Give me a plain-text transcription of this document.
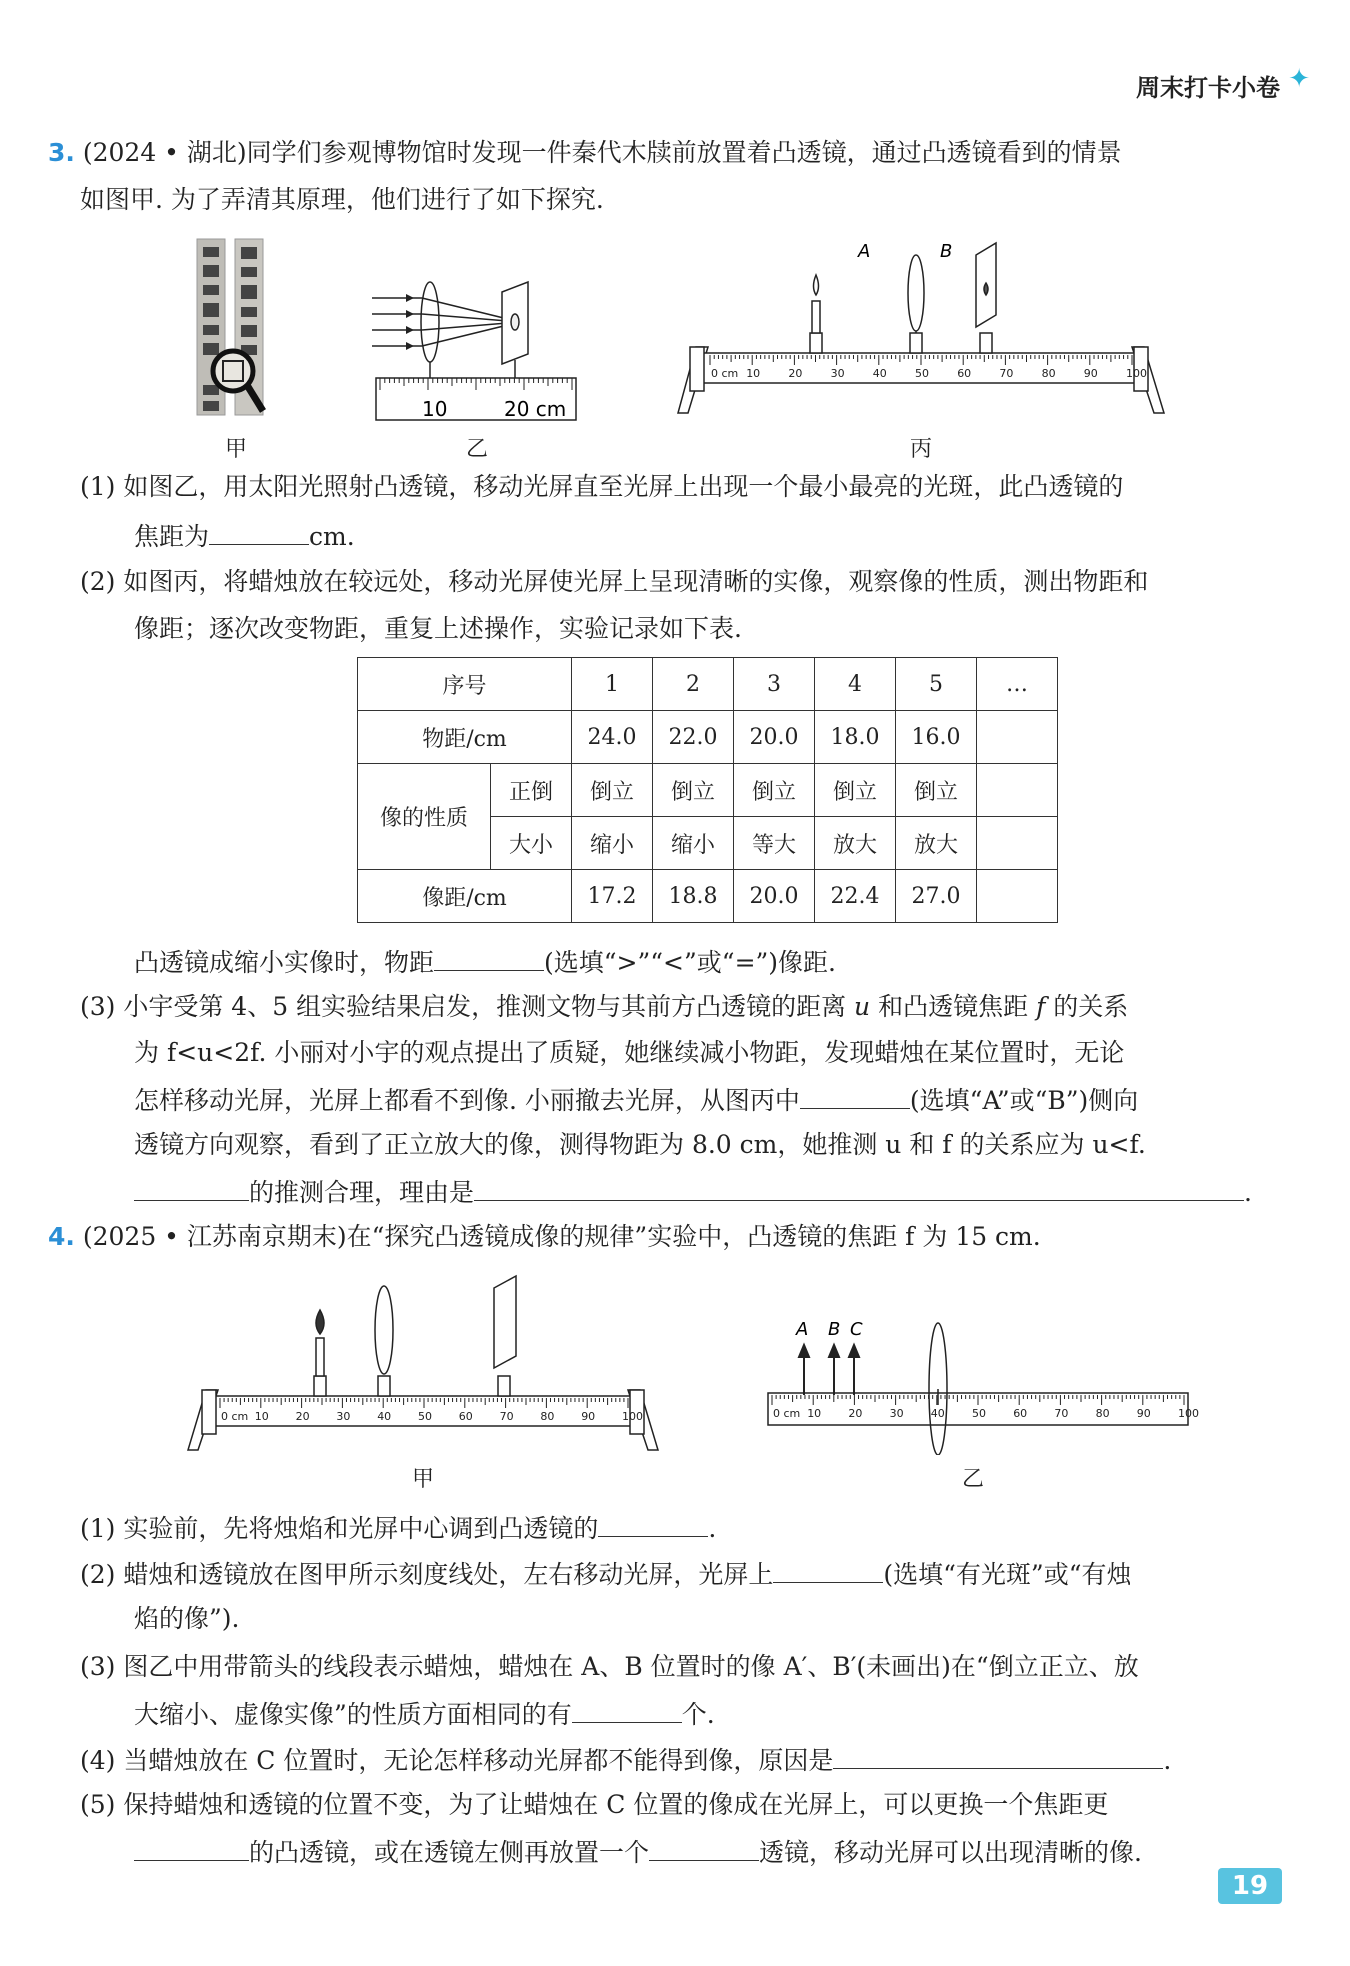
周末打卡小卷 ✦
3. (2024 • 湖北)同学们参观博物馆时发现一件秦代木牍前放置着凸透镜，通过凸透镜看到的情景
如图甲. 为了弄清其原理，他们进行了如下探究.
甲
10	20 cm
乙
0 cm 10	20	30	40	50	60	70	80	90	100
A	B
丙
(1) 如图乙，用太阳光照射凸透镜，移动光屏直至光屏上出现一个最小最亮的光斑，此凸透镜的
焦距为	cm.
(2) 如图丙，将蜡烛放在较远处，移动光屏使光屏上呈现清晰的实像，观察像的性质，测出物距和
像距；逐次改变物距，重复上述操作，实验记录如下表.
序号		1	2	3	4	5	…
物距/cm		24.0	22.0	20.0	18.0	16.0	
像的性质	正倒	倒立	倒立	倒立	倒立	倒立	
	大小	缩小	缩小	等大	放大	放大	
像距/cm		17.2	18.8	20.0	22.4	27.0	
凸透镜成缩小实像时，物距	(选填“>”“<”或“=”)像距.
(3) 小宇受第 4、5 组实验结果启发，推测文物与其前方凸透镜的距离 u 和凸透镜焦距 f 的关系
为 f<u<2f. 小丽对小宇的观点提出了质疑，她继续减小物距，发现蜡烛在某位置时，无论
怎样移动光屏，光屏上都看不到像. 小丽撤去光屏，从图丙中	(选填“A”或“B”)侧向
透镜方向观察，看到了正立放大的像，测得物距为 8.0 cm，她推测 u 和 f 的关系应为 u<f.
的推测合理，理由是	.
4. (2025 • 江苏南京期末)在“探究凸透镜成像的规律”实验中，凸透镜的焦距 f 为 15 cm.
0 cm 10 20 30 40 50 60 70 80 90 100
甲
0 cm 10 20 30 40 50 60 70 80 90 100
A B C
乙
(1) 实验前，先将烛焰和光屏中心调到凸透镜的	.
(2) 蜡烛和透镜放在图甲所示刻度线处，左右移动光屏，光屏上	(选填“有光斑”或“有烛
焰的像”).
(3) 图乙中用带箭头的线段表示蜡烛，蜡烛在 A、B 位置时的像 A′、B′(未画出)在“倒立正立、放
大缩小、虚像实像”的性质方面相同的有	个.
(4) 当蜡烛放在 C 位置时，无论怎样移动光屏都不能得到像，原因是	.
(5) 保持蜡烛和透镜的位置不变，为了让蜡烛在 C 位置的像成在光屏上，可以更换一个焦距更
的凸透镜，或在透镜左侧再放置一个	透镜，移动光屏可以出现清晰的像.
19
